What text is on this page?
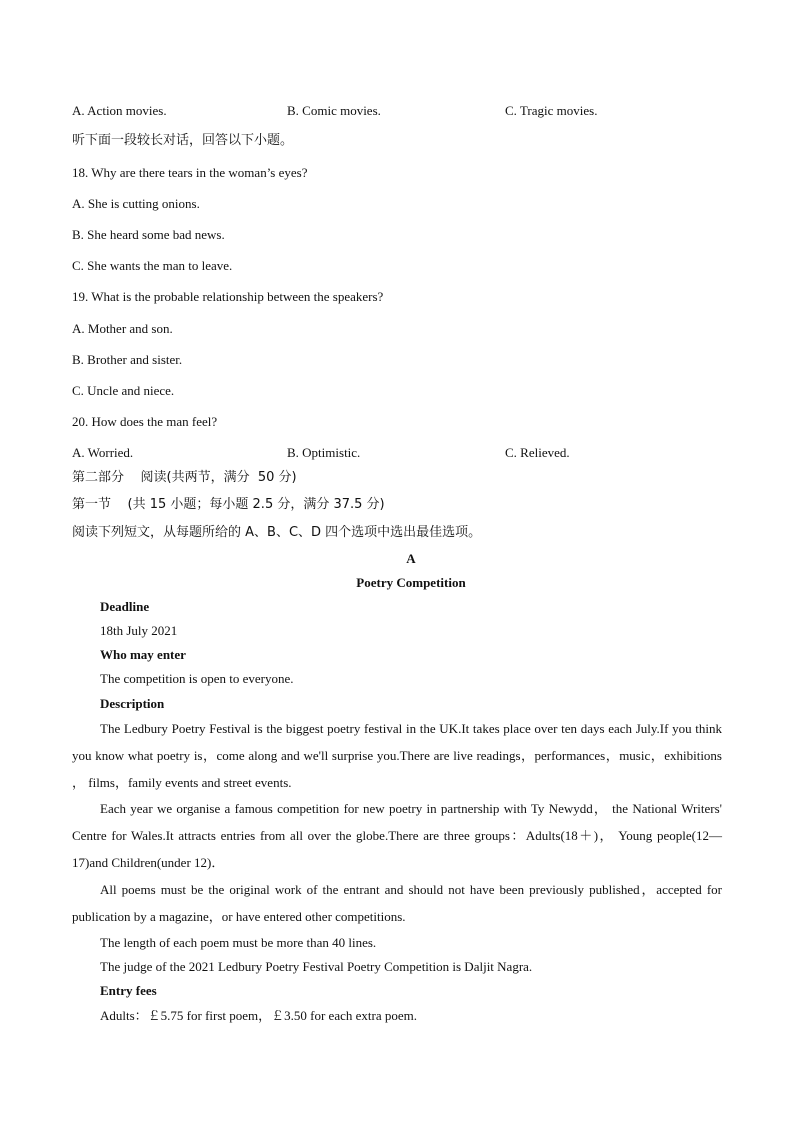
A. Action movies.	B. Comic movies.	C. Tragic movies.
听下面一段较长对话，回答以下小题。
18. Why are there tears in the woman’s eyes?
A. She is cutting onions.
B. She heard some bad news.
C. She wants the man to leave.
19. What is the probable relationship between the speakers?
A. Mother and son.
B. Brother and sister.
C. Uncle and niece.
20. How does the man feel?
A. Worried.	B. Optimistic.	C. Relieved.
第二部分    阅读(共两节，满分  50 分)
第一节    (共 15 小题；每小题 2.5 分，满分 37.5 分)
阅读下列短文，从每题所给的 A、B、C、D 四个选项中选出最佳选项。
A
Poetry Competition
Deadline
18th July 2021
Who may enter
The competition is open to everyone.
Description
The Ledbury Poetry Festival is the biggest poetry festival in the UK.It takes place over ten days each July.If you think you know what poetry is，come along and we'll surprise you.There are live readings，performances，music，exhibitions ， films，family events and street events.
Each year we organise a famous competition for new poetry in partnership with Ty Newydd， the National Writers' Centre for Wales.It attracts entries from all over the globe.There are three groups：Adults(18＋)， Young people(12—17)and Children(under 12)．
All poems must be the original work of the entrant and should not have been previously published，accepted for publication by a magazine，or have entered other competitions.
The length of each poem must be more than 40 lines.
The judge of the 2021 Ledbury Poetry Festival Poetry Competition is Daljit Nagra.
Entry fees
Adults：￡5.75 for first poem，￡3.50 for each extra poem.
